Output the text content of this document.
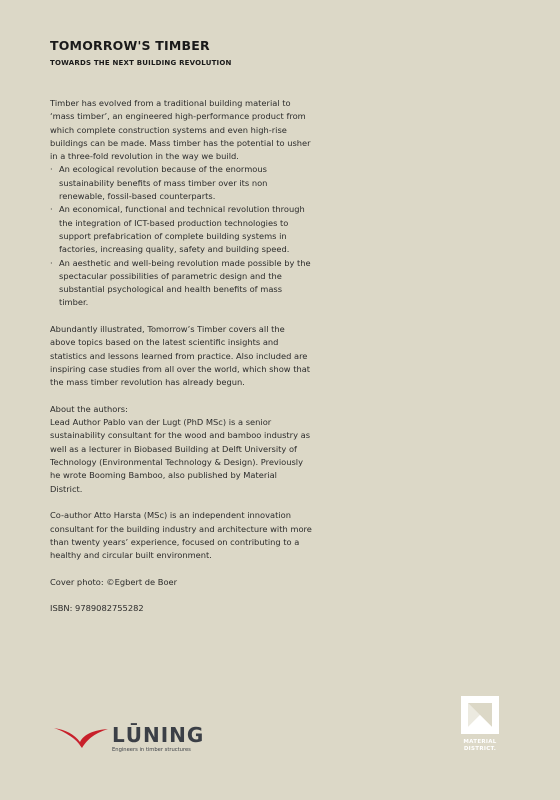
TOMORROW'S TIMBER
TOWARDS THE NEXT BUILDING REVOLUTION

Timber has evolved from a traditional building material to ‘mass timber’, an engineered high-performance product from which complete construction systems and even high-rise buildings can be made. Mass timber has the potential to usher in a three-fold revolution in the way we build.

· An ecological revolution because of the enormous sustainability benefits of mass timber over its non renewable, fossil-based counterparts.
· An economical, functional and technical revolution through the integration of ICT-based production technologies to support prefabrication of complete building systems in factories, increasing quality, safety and building speed.
· An aesthetic and well-being revolution made possible by the spectacular possibilities of parametric design and the substantial psychological and health benefits of mass timber.

Abundantly illustrated, Tomorrow’s Timber covers all the above topics based on the latest scientific insights and statistics and lessons learned from practice. Also included are inspiring case studies from all over the world, which show that the mass timber revolution has already begun.

About the authors:

Lead Author Pablo van der Lugt (PhD MSc) is a senior sustainability consultant for the wood and bamboo industry as well as a lecturer in Biobased Building at Delft University of Technology (Environmental Technology & Design). Previously he wrote Booming Bamboo, also published by Material District.

Co-author Atto Harsta (MSc) is an independent innovation consultant for the building industry and architecture with more than twenty years’ experience, focused on contributing to a healthy and circular built environment.

Cover photo: ©Egbert de Boer

ISBN: 9789082755282

LŪNING
Engineers in timber structures
MATERIAL
DISTRICT.
